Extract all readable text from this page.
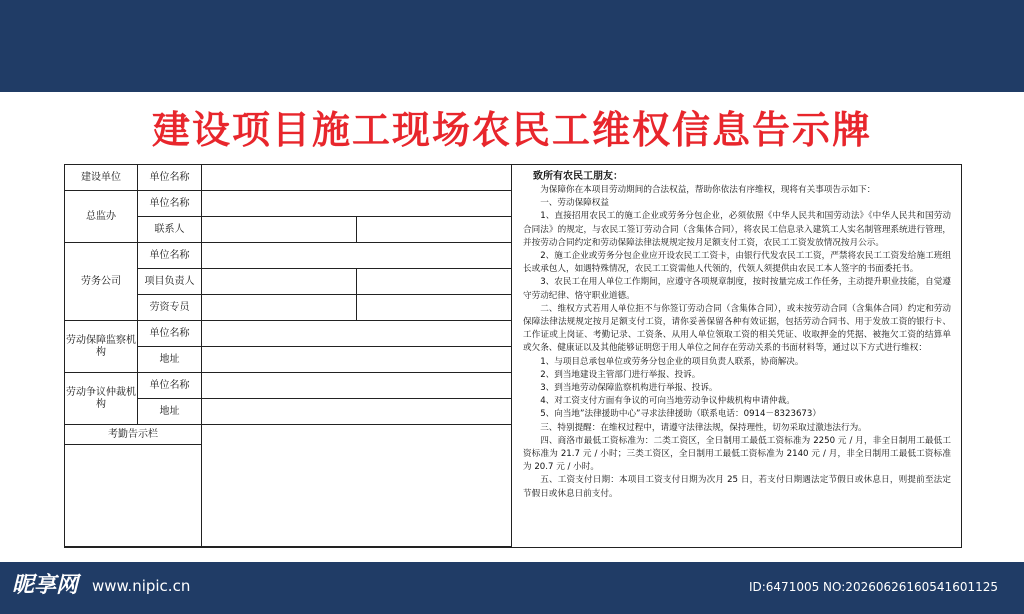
建设项目施工现场农民工维权信息告示牌
建设单位	单位名称		
总监办	单位名称		
	联系人		
劳务公司	单位名称		
	项目负责人		
	劳资专员		
劳动保障监察机构	单位名称		
	地址		
劳动争议仲裁机构	单位名称		
	地址		
考勤告示栏			

致所有农民工朋友：

为保障你在本项目劳动期间的合法权益，帮助你依法有序维权，现将有关事项告示如下：

一、劳动保障权益

1、直接招用农民工的施工企业或劳务分包企业，必须依照《中华人民共和国劳动法》《中华人民共和国劳动合同法》的规定，与农民工签订劳动合同（含集体合同），将农民工信息录入建筑工人实名制管理系统进行管理，并按劳动合同约定和劳动保障法律法规规定按月足额支付工资，农民工工资发放情况按月公示。

2、施工企业或劳务分包企业应开设农民工工资卡，由银行代发农民工工资，严禁将农民工工资发给施工班组长或承包人，如遇特殊情况，农民工工资需他人代领的，代领人须提供由农民工本人签字的书面委托书。

3、农民工在用人单位工作期间，应遵守各项规章制度，按时按量完成工作任务，主动提升职业技能，自觉遵守劳动纪律、恪守职业道德。

二、维权方式若用人单位拒不与你签订劳动合同（含集体合同），或未按劳动合同（含集体合同）约定和劳动保障法律法规规定按月足额支付工资，请你妥善保留各种有效证据，包括劳动合同书、用于发放工资的银行卡、工作证或上岗证、考勤记录、工资条、从用人单位领取工资的相关凭证、收取押金的凭据、被拖欠工资的结算单或欠条、健康证以及其他能够证明您于用人单位之间存在劳动关系的书面材料等，通过以下方式进行维权：

1、与项目总承包单位或劳务分包企业的项目负责人联系，协商解决。

2、到当地建设主管部门进行举报、投诉。

3、到当地劳动保障监察机构进行举报、投诉。

4、对工资支付方面有争议的可向当地劳动争议仲裁机构申请仲裁。

5、向当地”法律援助中心”寻求法律援助（联系电话：0914－8323673）

三、特别提醒：在维权过程中，请遵守法律法规，保持理性，切勿采取过激违法行为。

四、商洛市最低工资标准为：二类工资区，全日制用工最低工资标准为 2250 元 / 月，非全日制用工最低工资标准为 21.7 元 / 小时；三类工资区，全日制用工最低工资标准为 2140 元 / 月，非全日制用工最低工资标准为 20.7 元 / 小时。

五、工资支付日期：本项目工资支付日期为次月 25 日，若支付日期遇法定节假日或休息日，则提前至法定节假日或休息日前支付。

昵享网 www.nipic.cn	ID:6471005 NO:20260626160541601125
